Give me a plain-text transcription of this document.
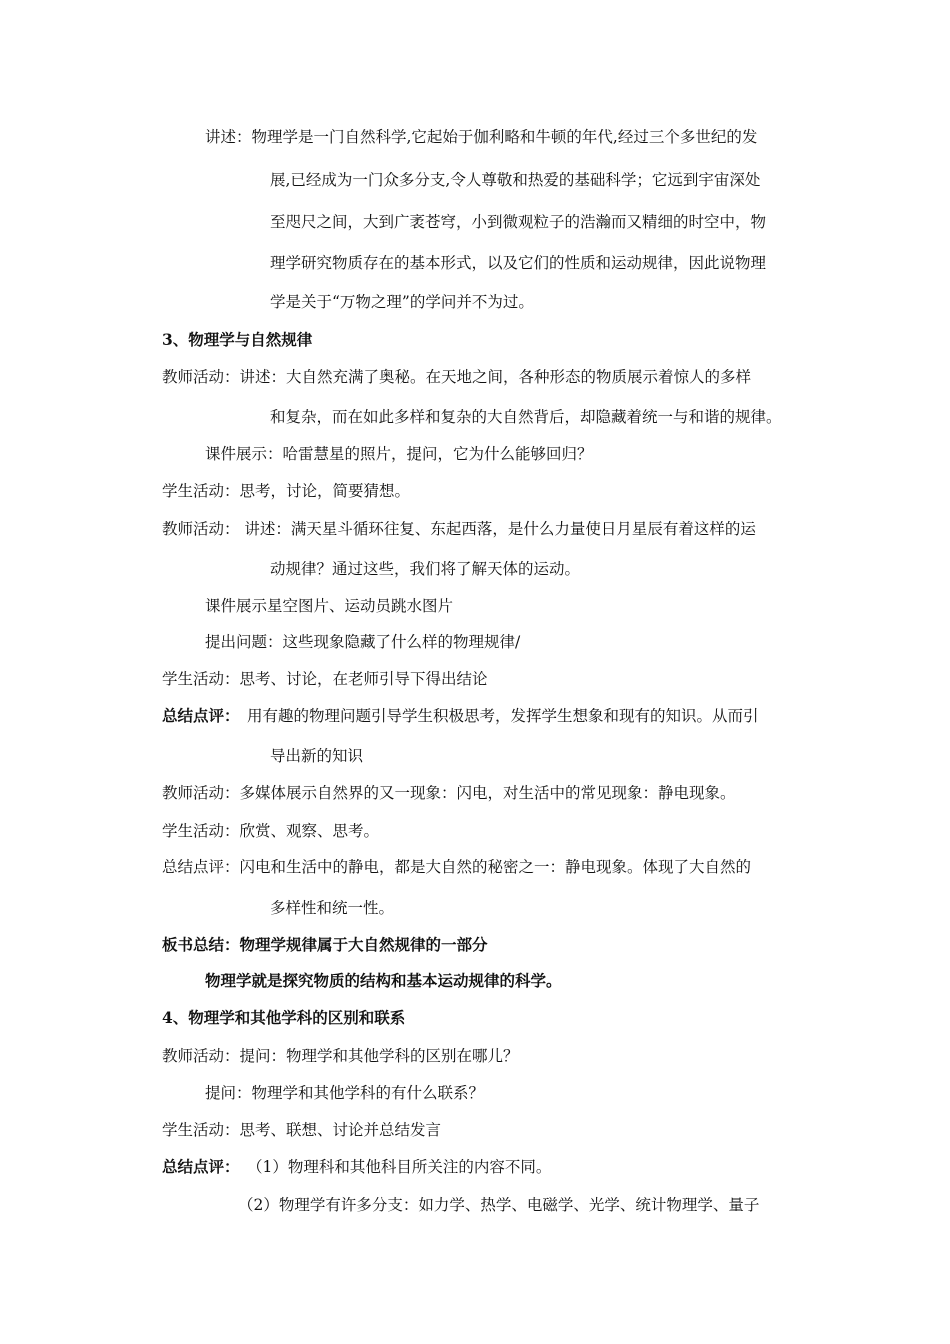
讲述：物理学是一门自然科学,它起始于伽利略和牛顿的年代,经过三个多世纪的发
展,已经成为一门众多分支,令人尊敬和热爱的基础科学；它远到宇宙深处
至咫尺之间，大到广袤苍穹，小到微观粒子的浩瀚而又精细的时空中，物
理学研究物质存在的基本形式，以及它们的性质和运动规律，因此说物理
学是关于“万物之理”的学问并不为过。
3、物理学与自然规律
教师活动：讲述：大自然充满了奥秘。在天地之间，各种形态的物质展示着惊人的多样
和复杂，而在如此多样和复杂的大自然背后，却隐藏着统一与和谐的规律。
课件展示：哈雷慧星的照片，提问，它为什么能够回归？
学生活动：思考，讨论，简要猜想。
教师活动： 讲述：满天星斗循环往复、东起西落，是什么力量使日月星辰有着这样的运
动规律？通过这些，我们将了解天体的运动。
课件展示星空图片、运动员跳水图片
提出问题：这些现象隐藏了什么样的物理规律/
学生活动：思考、讨论，在老师引导下得出结论
总结点评： 用有趣的物理问题引导学生积极思考，发挥学生想象和现有的知识。从而引
导出新的知识
教师活动：多媒体展示自然界的又一现象：闪电，对生活中的常见现象：静电现象。
学生活动：欣赏、观察、思考。
总结点评：闪电和生活中的静电，都是大自然的秘密之一：静电现象。体现了大自然的
多样性和统一性。
板书总结：物理学规律属于大自然规律的一部分
物理学就是探究物质的结构和基本运动规律的科学。
4、物理学和其他学科的区别和联系
教师活动：提问：物理学和其他学科的区别在哪儿？
提问：物理学和其他学科的有什么联系？
学生活动：思考、联想、讨论并总结发言
总结点评： （1）物理科和其他科目所关注的内容不同。
（2）物理学有许多分支：如力学、热学、电磁学、光学、统计物理学、量子
